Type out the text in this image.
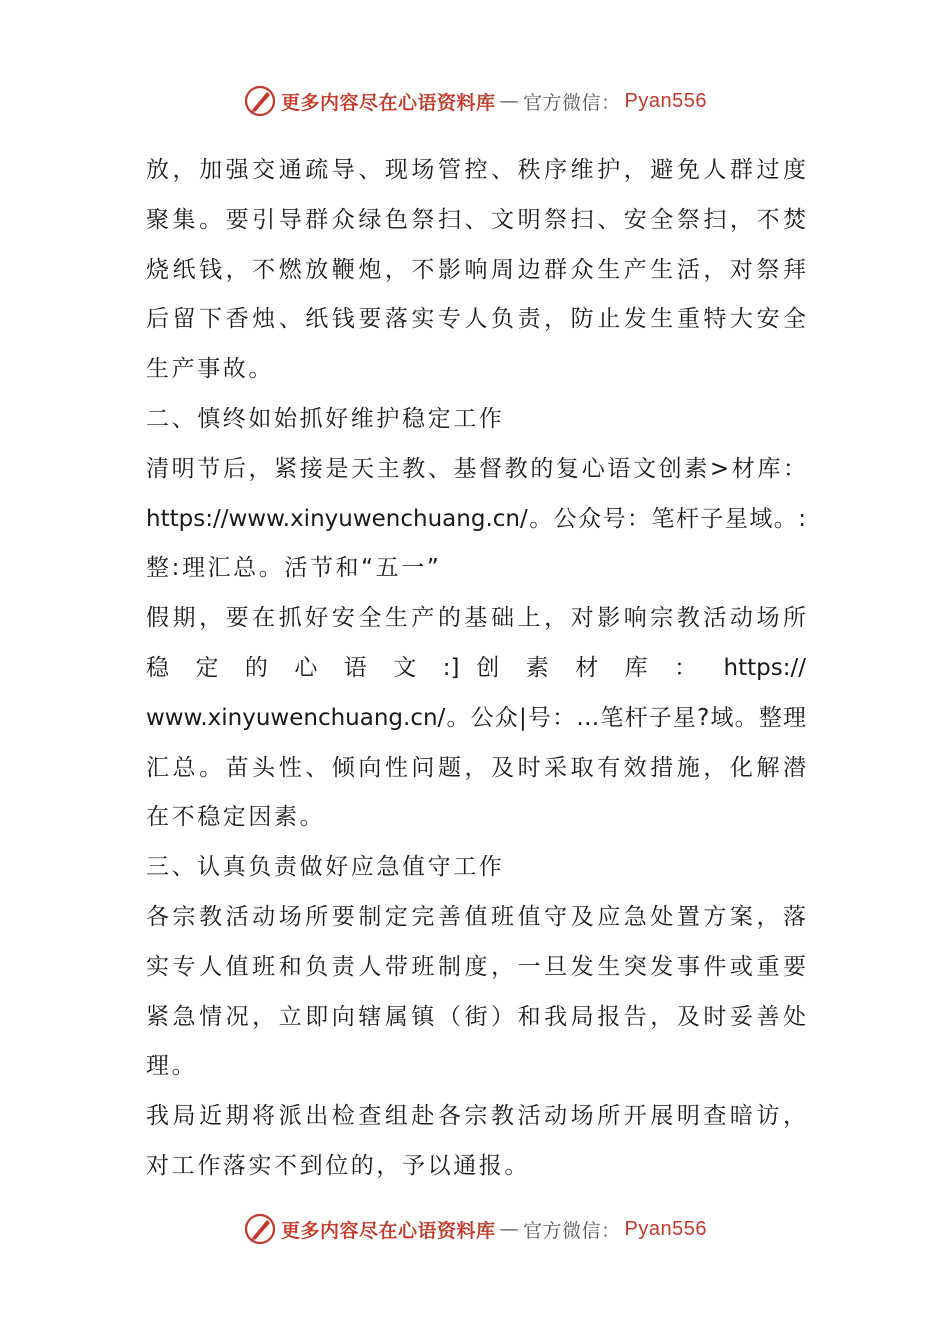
更多内容尽在心语资料库 — 官方微信： Pyan556
放，加强交通疏导、现场管控、秩序维护，避免人群过度
聚集。要引导群众绿色祭扫、文明祭扫、安全祭扫，不焚
烧纸钱，不燃放鞭炮，不影响周边群众生产生活，对祭拜
后留下香烛、纸钱要落实专人负责，防止发生重特大安全
生产事故。
二、慎终如始抓好维护稳定工作
清明节后，紧接是天主教、基督教的复心语文创素>材库：
https://www.xinyuwenchuang.cn/。公众号：笔杆子星域。:
整:理汇总。活节和“五一”
假期，要在抓好安全生产的基础上，对影响宗教活动场所
稳 定 的 心 语 文 :] 创 素 材 库 ： https://
www.xinyuwenchuang.cn/。公众|号：…笔杆子星?域。整理
汇总。苗头性、倾向性问题，及时采取有效措施，化解潜
在不稳定因素。
三、认真负责做好应急值守工作
各宗教活动场所要制定完善值班值守及应急处置方案，落
实专人值班和负责人带班制度，一旦发生突发事件或重要
紧急情况，立即向辖属镇（街）和我局报告，及时妥善处
理。
我局近期将派出检查组赴各宗教活动场所开展明查暗访，
对工作落实不到位的，予以通报。
更多内容尽在心语资料库 — 官方微信： Pyan556
